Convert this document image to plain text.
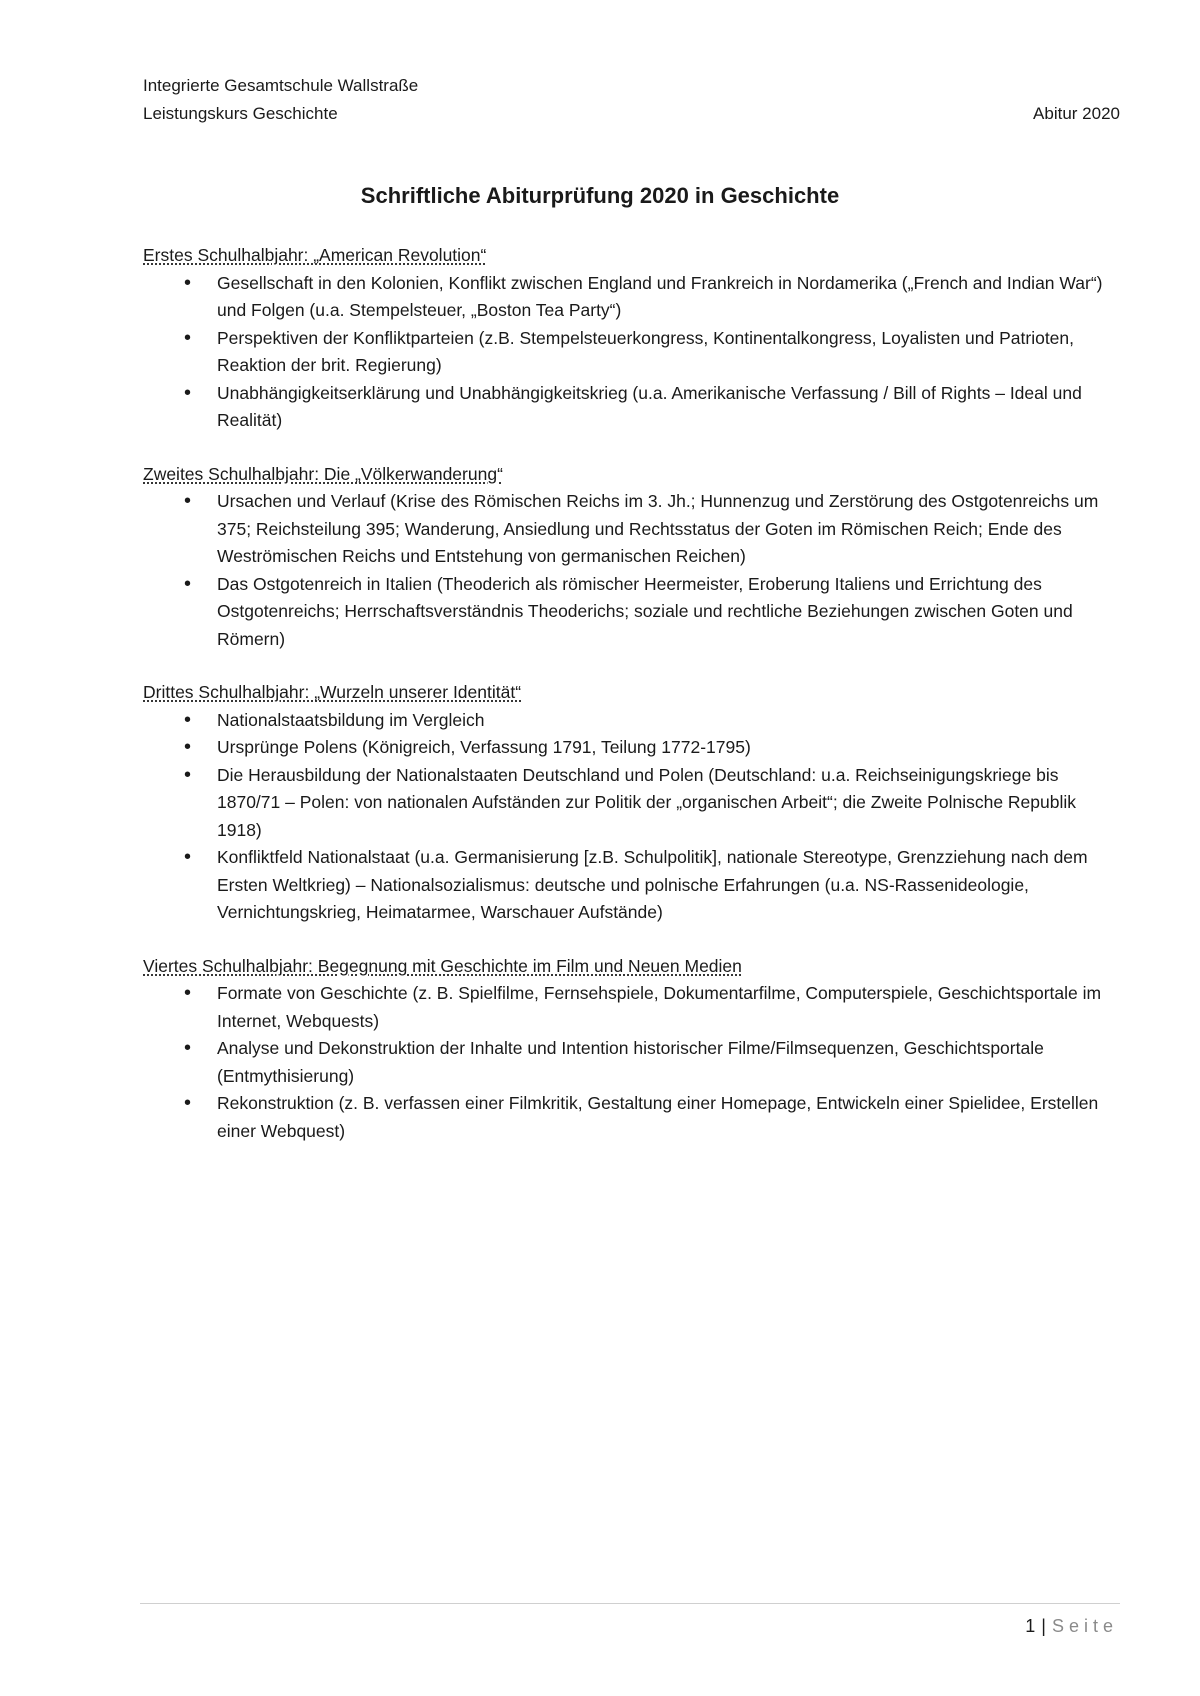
Integrierte Gesamtschule Wallstraße
Leistungskurs Geschichte	Abitur 2020
Schriftliche Abiturprüfung 2020 in Geschichte
Erstes Schulhalbjahr: „American Revolution“
• Gesellschaft in den Kolonien, Konflikt zwischen England und Frankreich in Nordamerika („French and Indian War“) und Folgen (u.a. Stempelsteuer, „Boston Tea Party“)
• Perspektiven der Konfliktparteien (z.B. Stempelsteuerkongress, Kontinentalkongress, Loyalisten und Patrioten, Reaktion der brit. Regierung)
• Unabhängigkeitserklärung und Unabhängigkeitskrieg (u.a. Amerikanische Verfassung / Bill of Rights – Ideal und Realität)
Zweites Schulhalbjahr: Die „Völkerwanderung“
• Ursachen und Verlauf (Krise des Römischen Reichs im 3. Jh.; Hunnenzug und Zerstörung des Ostgotenreichs um 375; Reichsteilung 395; Wanderung, Ansiedlung und Rechtsstatus der Goten im Römischen Reich; Ende des Weströmischen Reichs und Entstehung von germanischen Reichen)
• Das Ostgotenreich in Italien (Theoderich als römischer Heermeister, Eroberung Italiens und Errichtung des Ostgotenreichs; Herrschaftsverständnis Theoderichs; soziale und rechtliche Beziehungen zwischen Goten und Römern)
Drittes Schulhalbjahr: „Wurzeln unserer Identität“
• Nationalstaatsbildung im Vergleich
• Ursprünge Polens (Königreich, Verfassung 1791, Teilung 1772-1795)
• Die Herausbildung der Nationalstaaten Deutschland und Polen (Deutschland: u.a. Reichseinigungskriege bis 1870/71 – Polen: von nationalen Aufständen zur Politik der „organischen Arbeit“; die Zweite Polnische Republik 1918)
• Konfliktfeld Nationalstaat (u.a. Germanisierung [z.B. Schulpolitik], nationale Stereotype, Grenzziehung nach dem Ersten Weltkrieg) – Nationalsozialismus: deutsche und polnische Erfahrungen (u.a. NS-Rassenideologie, Vernichtungskrieg, Heimatarmee, Warschauer Aufstände)
Viertes Schulhalbjahr: Begegnung mit Geschichte im Film und Neuen Medien
• Formate von Geschichte (z. B. Spielfilme, Fernsehspiele, Dokumentarfilme, Computerspiele, Geschichtsportale im Internet, Webquests)
• Analyse und Dekonstruktion der Inhalte und Intention historischer Filme/Filmsequenzen, Geschichtsportale (Entmythisierung)
• Rekonstruktion (z. B. verfassen einer Filmkritik, Gestaltung einer Homepage, Entwickeln einer Spielidee, Erstellen einer Webquest)
1 | Seite
